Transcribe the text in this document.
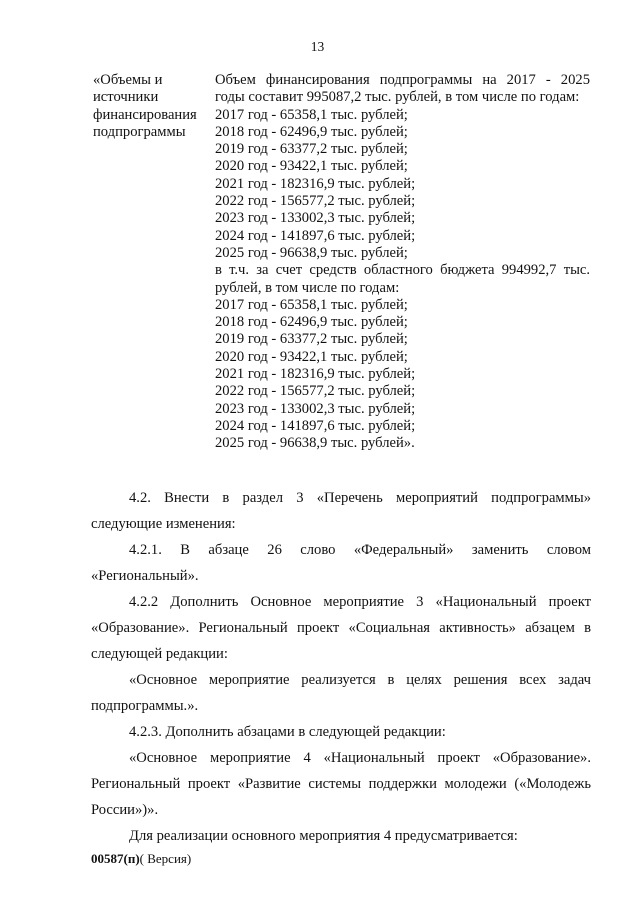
13
«Объемы и
источники
финансирования
подпрограммы
Объем финансирования подпрограммы на 2017 - 2025
годы составит 995087,2 тыс. рублей, в том числе по годам:
2017 год - 65358,1 тыс. рублей;
2018 год - 62496,9 тыс. рублей;
2019 год - 63377,2 тыс. рублей;
2020 год - 93422,1 тыс. рублей;
2021 год - 182316,9 тыс. рублей;
2022 год - 156577,2 тыс. рублей;
2023 год - 133002,3 тыс. рублей;
2024 год - 141897,6 тыс. рублей;
2025 год - 96638,9 тыс. рублей;
в т.ч. за счет средств областного бюджета 994992,7 тыс.
рублей, в том числе по годам:
2017 год - 65358,1 тыс. рублей;
2018 год - 62496,9 тыс. рублей;
2019 год - 63377,2 тыс. рублей;
2020 год - 93422,1 тыс. рублей;
2021 год - 182316,9 тыс. рублей;
2022 год - 156577,2 тыс. рублей;
2023 год - 133002,3 тыс. рублей;
2024 год - 141897,6 тыс. рублей;
2025 год - 96638,9 тыс. рублей».
4.2. Внести в раздел 3 «Перечень мероприятий подпрограммы»
следующие изменения:
4.2.1. В абзаце 26 слово «Федеральный» заменить словом
«Региональный».
4.2.2 Дополнить Основное мероприятие 3 «Национальный проект
«Образование». Региональный проект «Социальная активность» абзацем в
следующей редакции:
«Основное мероприятие реализуется в целях решения всех задач
подпрограммы.».
4.2.3. Дополнить абзацами в следующей редакции:
«Основное мероприятие 4 «Национальный проект «Образование».
Региональный проект «Развитие системы поддержки молодежи («Молодежь
России»)».
Для реализации основного мероприятия 4 предусматривается:
00587(п)( Версия)
